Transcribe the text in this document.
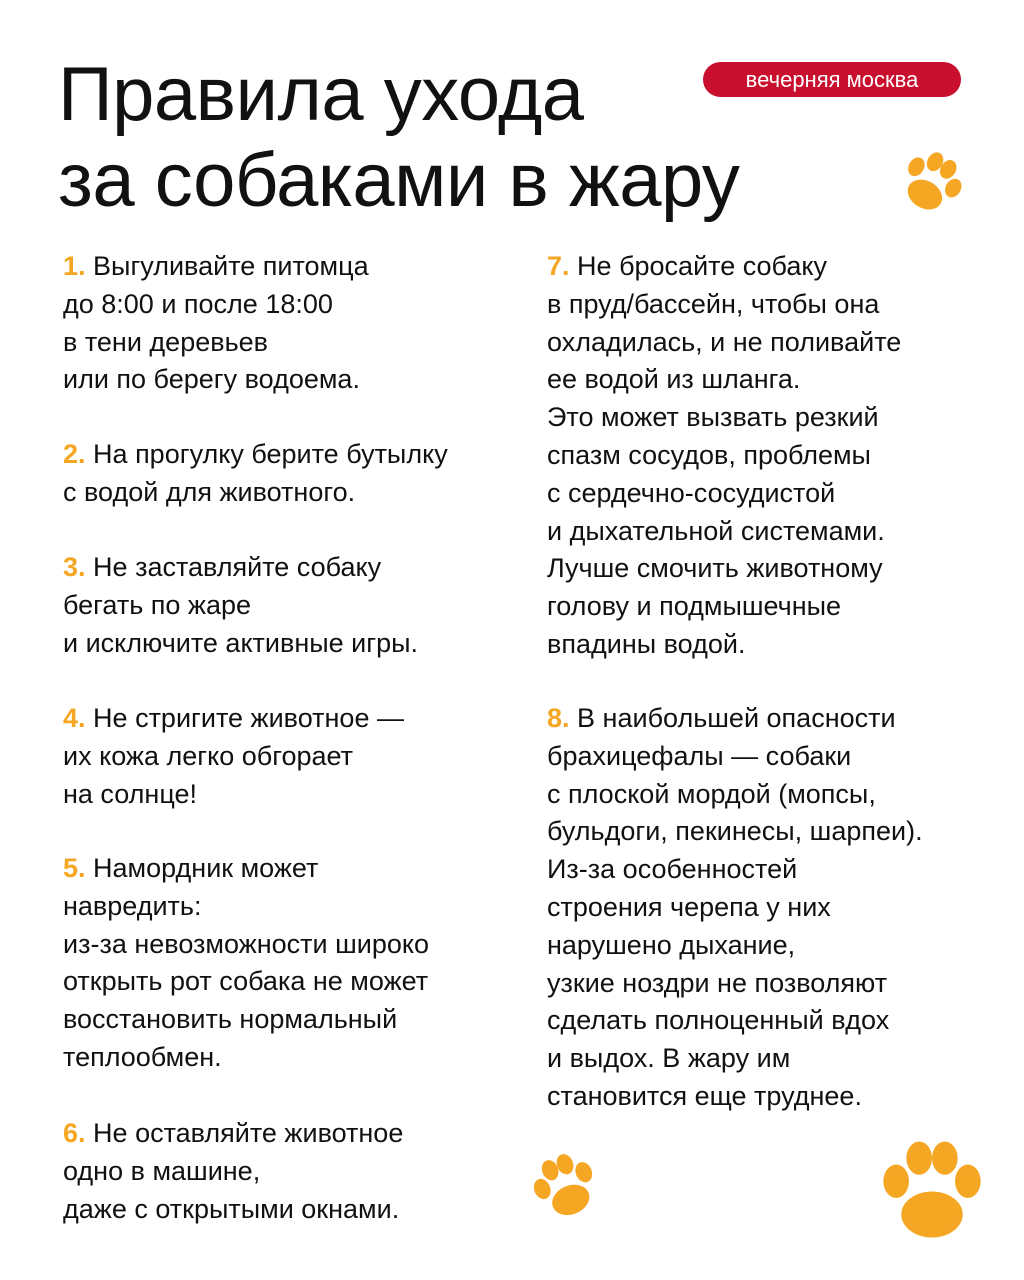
Правила ухода
за собаками в жару
вечерняя москва
1. Выгуливайте питомца
до 8:00 и после 18:00
в тени деревьев
или по берегу водоема.
2. На прогулку берите бутылку
с водой для животного.
3. Не заставляйте собаку
бегать по жаре
и исключите активные игры.
4. Не стригите животное —
их кожа легко обгорает
на солнце!
5. Намордник может
навредить:
из-за невозможности широко
открыть рот собака не может
восстановить нормальный
теплообмен.
6. Не оставляйте животное
одно в машине,
даже с открытыми окнами.
7. Не бросайте собаку
в пруд/бассейн, чтобы она
охладилась, и не поливайте
ее водой из шланга.
Это может вызвать резкий
спазм сосудов, проблемы
с сердечно-сосудистой
и дыхательной системами.
Лучше смочить животному
голову и подмышечные
впадины водой.
8. В наибольшей опасности
брахицефалы — собаки
с плоской мордой (мопсы,
бульдоги, пекинесы, шарпеи).
Из-за особенностей
строения черепа у них
нарушено дыхание,
узкие ноздри не позволяют
сделать полноценный вдох
и выдох. В жару им
становится еще труднее.
